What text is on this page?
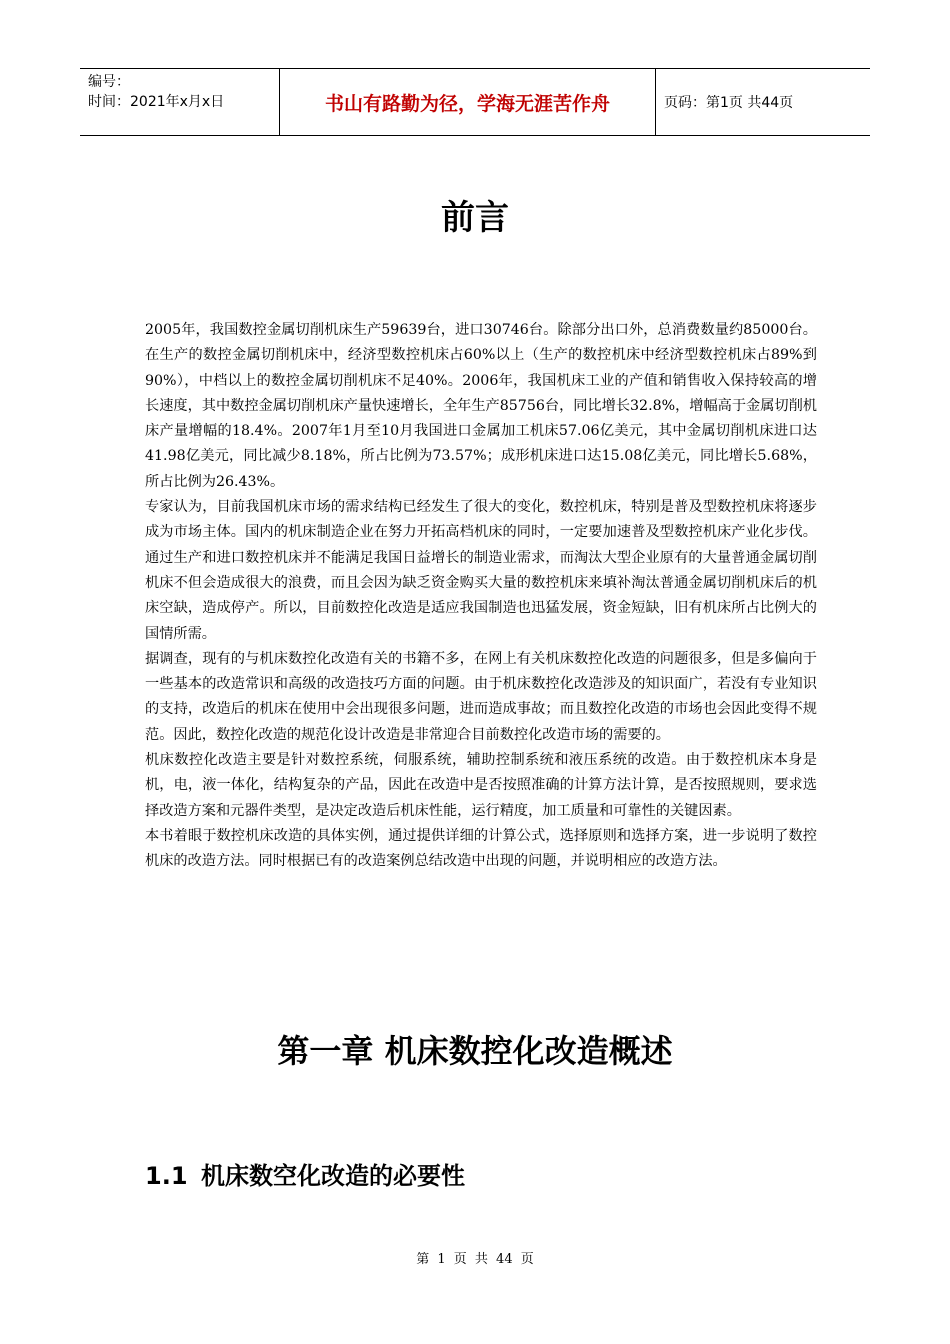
编号：
时间：2021年x月x日	书山有路勤为径，学海无涯苦作舟	页码：第1页 共44页
前言

2005年，我国数控金属切削机床生产59639台，进口30746台。除部分出口外，总消费数量约85000台。在生产的数控金属切削机床中，经济型数控机床占60%以上（生产的数控机床中经济型数控机床占89%到90%），中档以上的数控金属切削机床不足40%。2006年，我国机床工业的产值和销售收入保持较高的增长速度，其中数控金属切削机床产量快速增长，全年生产85756台，同比增长32.8%，增幅高于金属切削机床产量增幅的18.4%。2007年1月至10月我国进口金属加工机床57.06亿美元，其中金属切削机床进口达41.98亿美元，同比减少8.18%，所占比例为73.57%；成形机床进口达15.08亿美元，同比增长5.68%，所占比例为26.43%。

专家认为，目前我国机床市场的需求结构已经发生了很大的变化，数控机床，特别是普及型数控机床将逐步成为市场主体。国内的机床制造企业在努力开拓高档机床的同时，一定要加速普及型数控机床产业化步伐。通过生产和进口数控机床并不能满足我国日益增长的制造业需求，而淘汰大型企业原有的大量普通金属切削机床不但会造成很大的浪费，而且会因为缺乏资金购买大量的数控机床来填补淘汰普通金属切削机床后的机床空缺，造成停产。所以，目前数控化改造是适应我国制造也迅猛发展，资金短缺，旧有机床所占比例大的国情所需。

据调查，现有的与机床数控化改造有关的书籍不多，在网上有关机床数控化改造的问题很多，但是多偏向于一些基本的改造常识和高级的改造技巧方面的问题。由于机床数控化改造涉及的知识面广，若没有专业知识的支持，改造后的机床在使用中会出现很多问题，进而造成事故；而且数控化改造的市场也会因此变得不规范。因此，数控化改造的规范化设计改造是非常迎合目前数控化改造市场的需要的。

机床数控化改造主要是针对数控系统，伺服系统，辅助控制系统和液压系统的改造。由于数控机床本身是机，电，液一体化，结构复杂的产品，因此在改造中是否按照准确的计算方法计算，是否按照规则，要求选择改造方案和元器件类型，是决定改造后机床性能，运行精度，加工质量和可靠性的关键因素。

本书着眼于数控机床改造的具体实例，通过提供详细的计算公式，选择原则和选择方案，进一步说明了数控机床的改造方法。同时根据已有的改造案例总结改造中出现的问题，并说明相应的改造方法。

第一章 机床数控化改造概述
1.1 机床数空化改造的必要性
第 1 页 共 44 页
